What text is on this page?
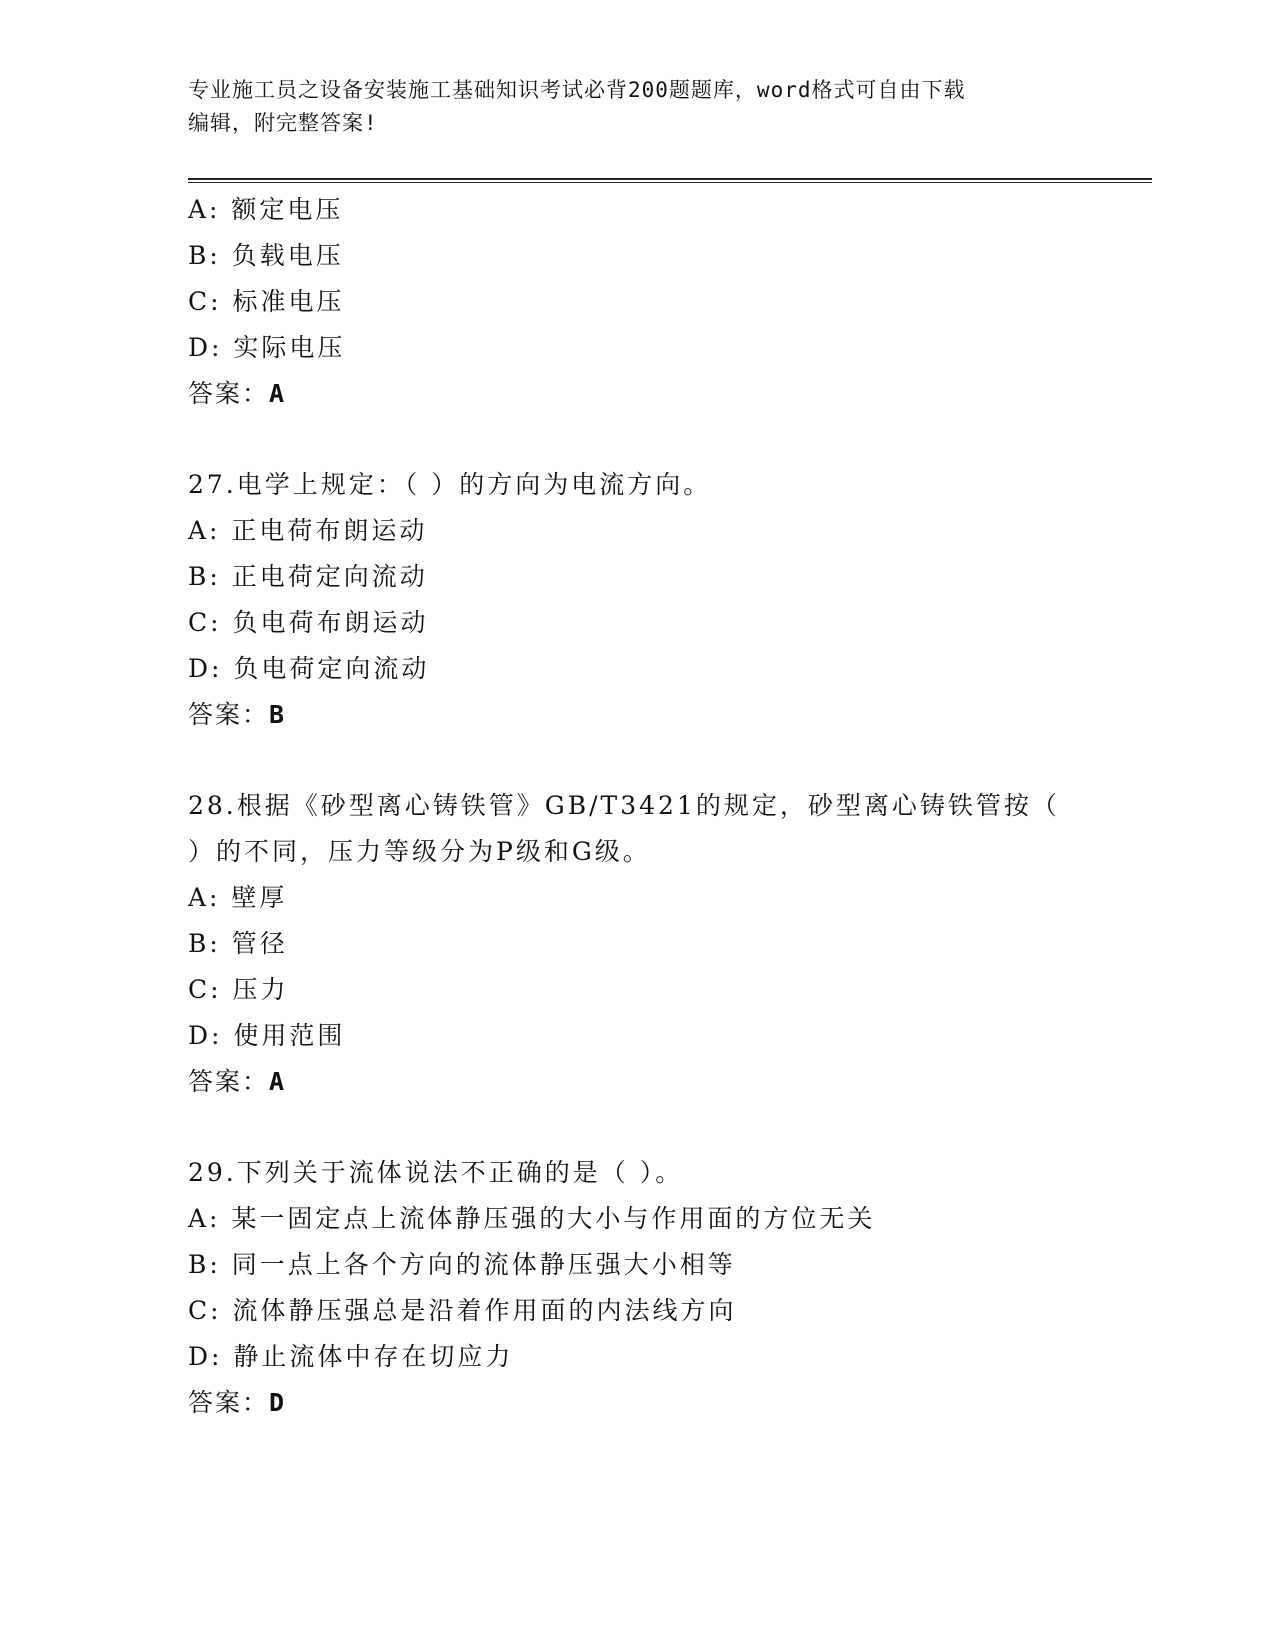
专业施工员之设备安装施工基础知识考试必背200题题库，word格式可自由下载
编辑，附完整答案!
A: 额定电压
B: 负载电压
C: 标准电压
D: 实际电压
答案：A
27.电学上规定：（ ）的方向为电流方向。
A: 正电荷布朗运动
B: 正电荷定向流动
C: 负电荷布朗运动
D: 负电荷定向流动
答案：B
28.根据《砂型离心铸铁管》GB/T3421的规定，砂型离心铸铁管按（
）的不同，压力等级分为P级和G级。
A: 壁厚
B: 管径
C: 压力
D: 使用范围
答案：A
29.下列关于流体说法不正确的是（ ）。
A: 某一固定点上流体静压强的大小与作用面的方位无关
B: 同一点上各个方向的流体静压强大小相等
C: 流体静压强总是沿着作用面的内法线方向
D: 静止流体中存在切应力
答案：D
